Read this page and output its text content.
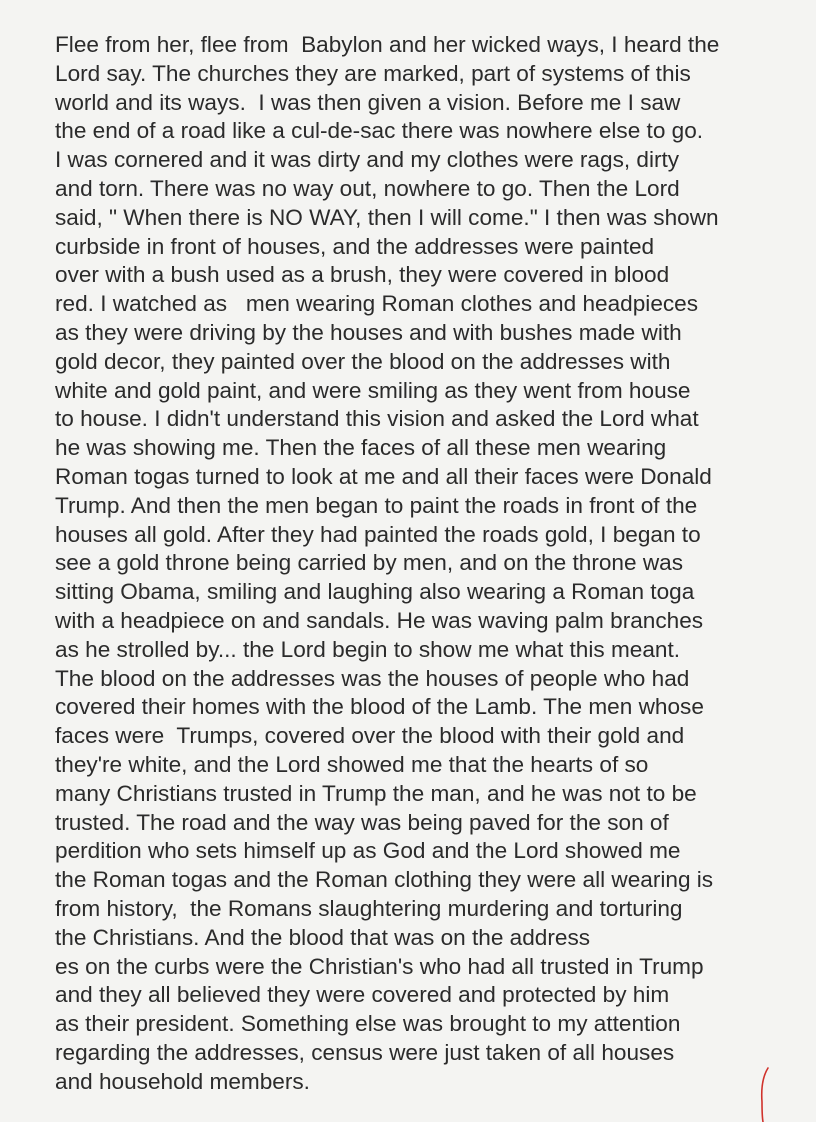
Flee from her, flee from  Babylon and her wicked ways, I heard the
Lord say. The churches they are marked, part of systems of this
world and its ways.  I was then given a vision. Before me I saw
the end of a road like a cul-de-sac there was nowhere else to go.
I was cornered and it was dirty and my clothes were rags, dirty
and torn. There was no way out, nowhere to go. Then the Lord
said, " When there is NO WAY, then I will come." I then was shown
curbside in front of houses, and the addresses were painted
over with a bush used as a brush, they were covered in blood
red. I watched as   men wearing Roman clothes and headpieces
as they were driving by the houses and with bushes made with
gold decor, they painted over the blood on the addresses with
white and gold paint, and were smiling as they went from house
to house. I didn't understand this vision and asked the Lord what
he was showing me. Then the faces of all these men wearing
Roman togas turned to look at me and all their faces were Donald
Trump. And then the men began to paint the roads in front of the
houses all gold. After they had painted the roads gold, I began to
see a gold throne being carried by men, and on the throne was
sitting Obama, smiling and laughing also wearing a Roman toga
with a headpiece on and sandals. He was waving palm branches
as he strolled by... the Lord begin to show me what this meant.
The blood on the addresses was the houses of people who had
covered their homes with the blood of the Lamb. The men whose
faces were  Trumps, covered over the blood with their gold and
they're white, and the Lord showed me that the hearts of so
many Christians trusted in Trump the man, and he was not to be
trusted. The road and the way was being paved for the son of
perdition who sets himself up as God and the Lord showed me
the Roman togas and the Roman clothing they were all wearing is
from history,  the Romans slaughtering murdering and torturing
the Christians. And the blood that was on the address
es on the curbs were the Christian's who had all trusted in Trump
and they all believed they were covered and protected by him
as their president. Something else was brought to my attention
regarding the addresses, census were just taken of all houses
and household members.
